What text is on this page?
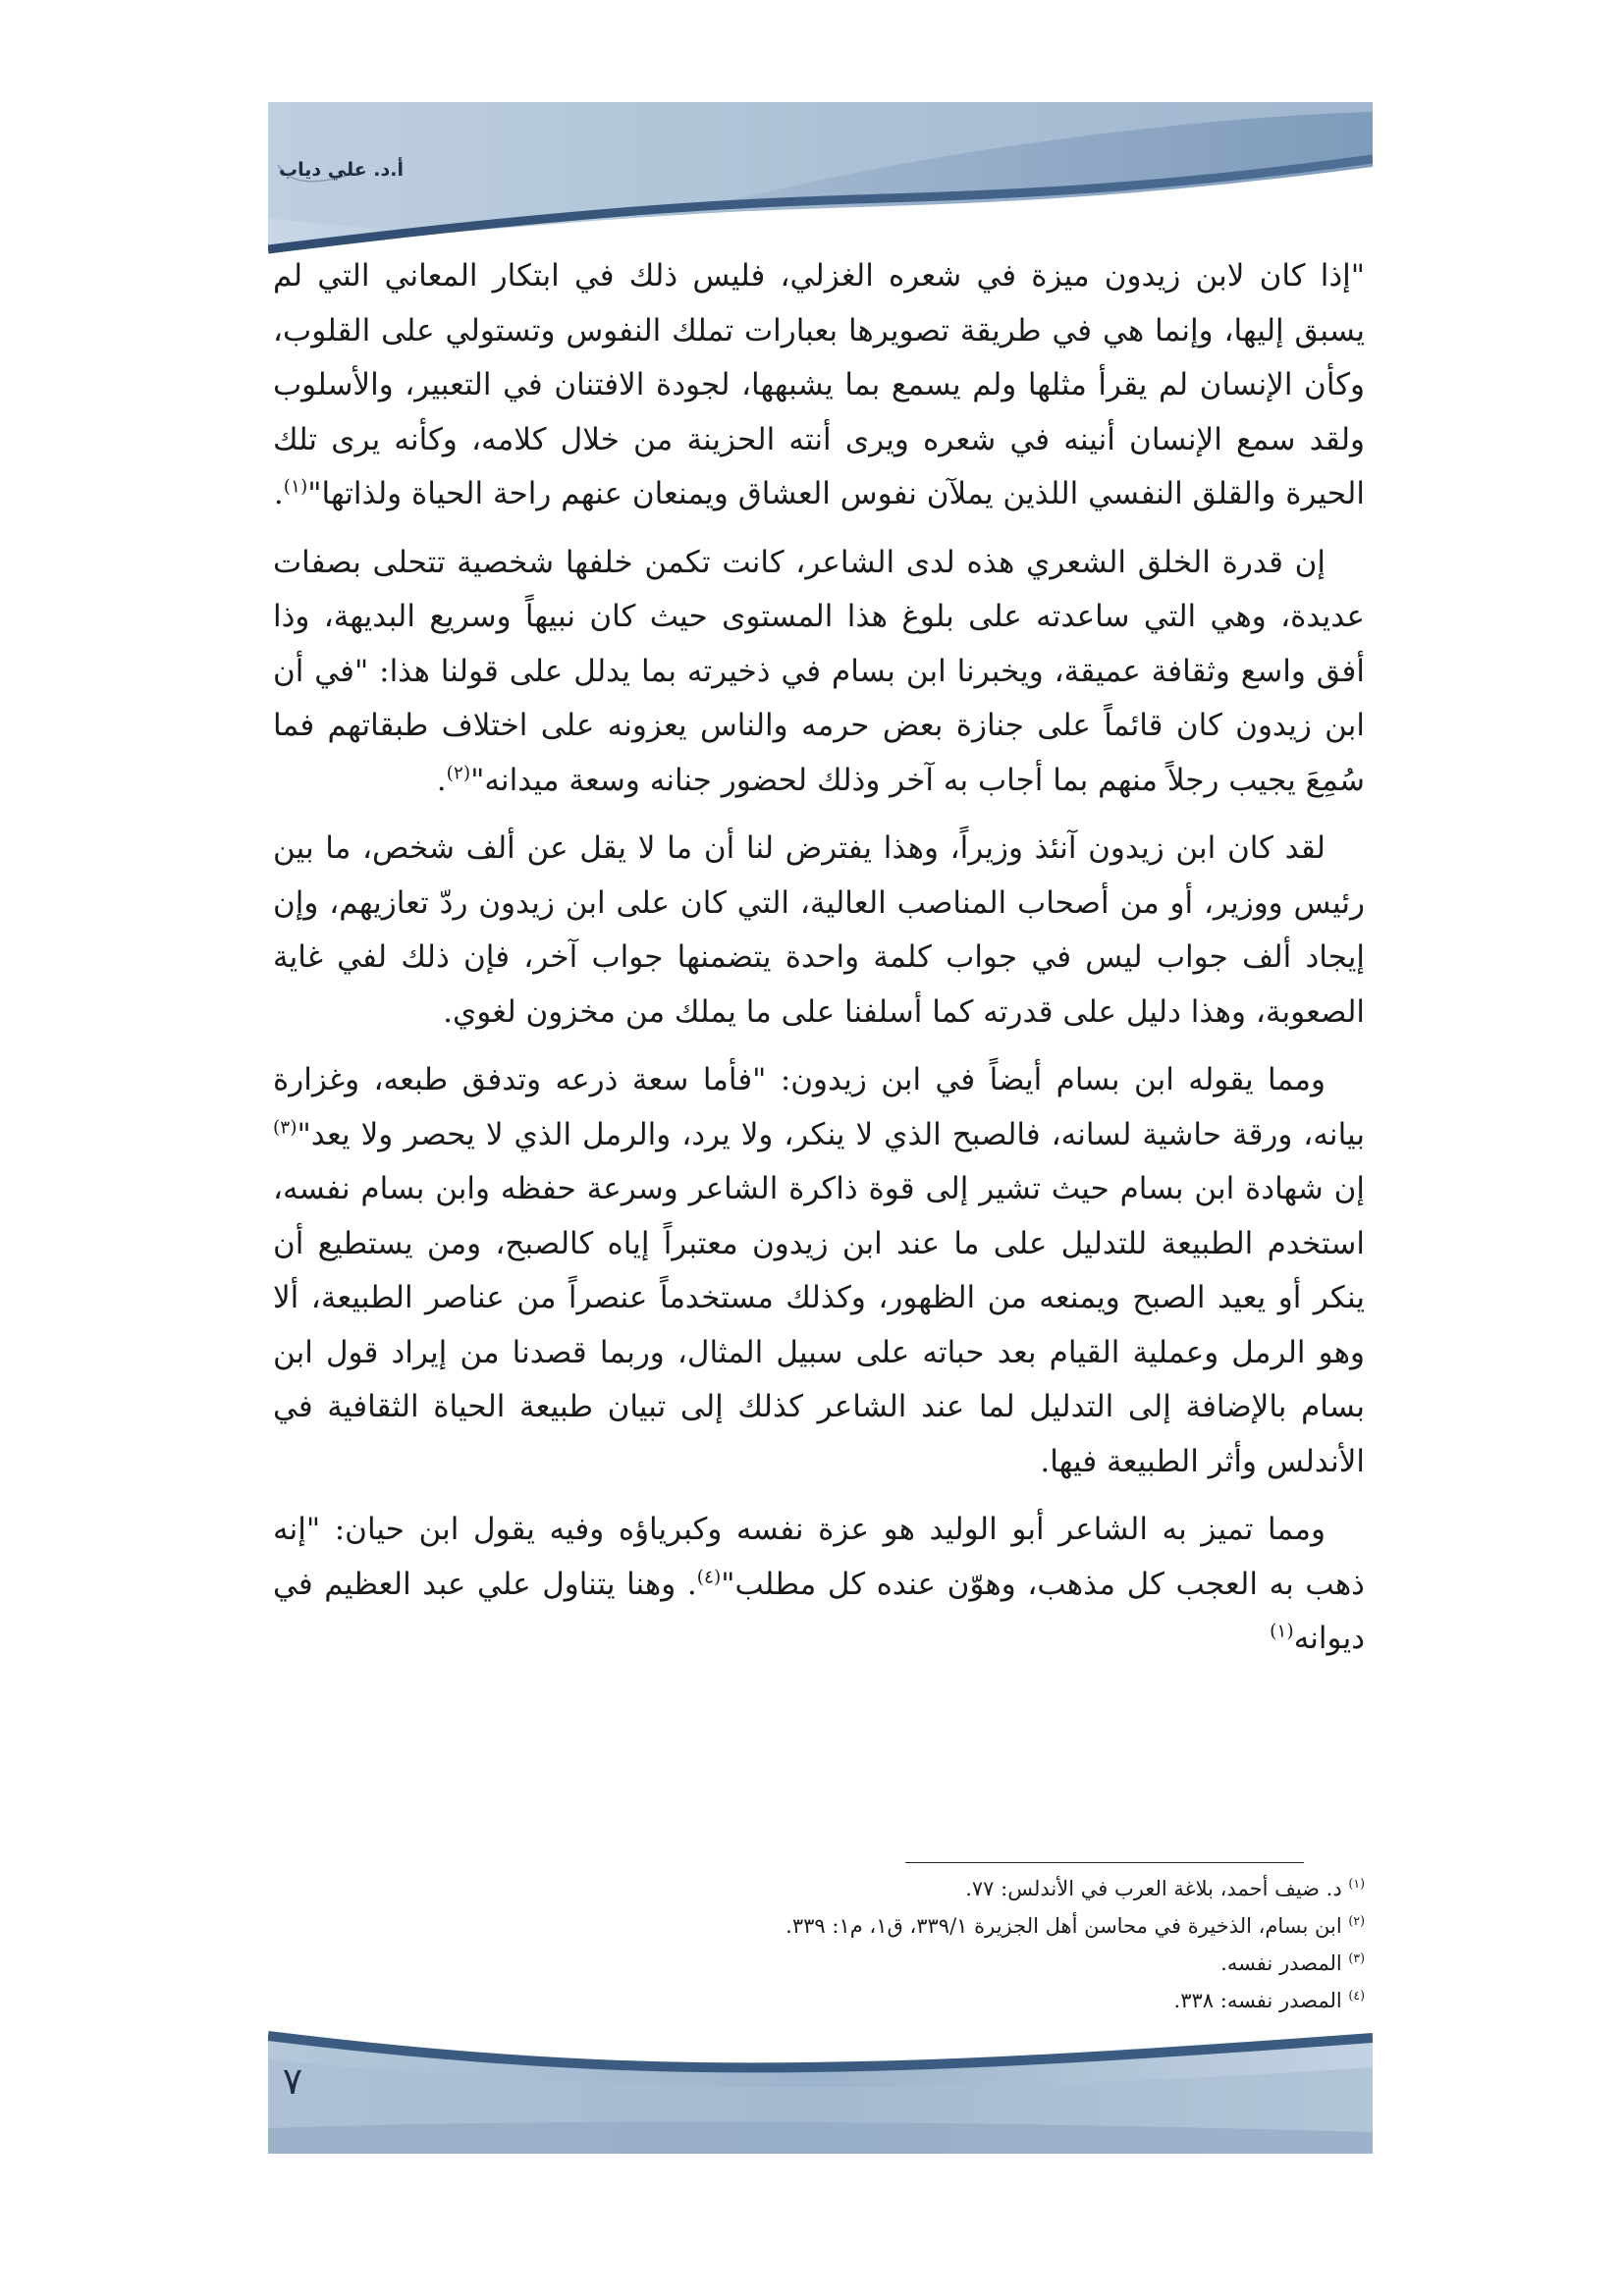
أ.د. علي دياب

"إذا كان لابن زيدون ميزة في شعره الغزلي، فليس ذلك في ابتكار المعاني التي لم يسبق إليها، وإنما هي في طريقة تصويرها بعبارات تملك النفوس وتستولي على القلوب، وكأن الإنسان لم يقرأ مثلها ولم يسمع بما يشبهها، لجودة الافتنان في التعبير، والأسلوب ولقد سمع الإنسان أنينه في شعره ويرى أنته الحزينة من خلال كلامه، وكأنه يرى تلك الحيرة والقلق النفسي اللذين يملآن نفوس العشاق ويمنعان عنهم راحة الحياة ولذاتها"$^{(١)}$.

إن قدرة الخلق الشعري هذه لدى الشاعر، كانت تكمن خلفها شخصية تتحلى بصفات عديدة، وهي التي ساعدته على بلوغ هذا المستوى حيث كان نبيهاً وسريع البديهة، وذا أفق واسع وثقافة عميقة، ويخبرنا ابن بسام في ذخيرته بما يدلل على قولنا هذا: "في أن ابن زيدون كان قائماً على جنازة بعض حرمه والناس يعزونه على اختلاف طبقاتهم فما سُمِعَ يجيب رجلاً منهم بما أجاب به آخر وذلك لحضور جنانه وسعة ميدانه"$^{(٢)}$.

لقد كان ابن زيدون آنئذ وزيراً، وهذا يفترض لنا أن ما لا يقل عن ألف شخص، ما بين رئيس ووزير، أو من أصحاب المناصب العالية، التي كان على ابن زيدون ردّ تعازيهم، وإن إيجاد ألف جواب ليس في جواب كلمة واحدة يتضمنها جواب آخر، فإن ذلك لفي غاية الصعوبة، وهذا دليل على قدرته كما أسلفنا على ما يملك من مخزون لغوي.

ومما يقوله ابن بسام أيضاً في ابن زيدون: "فأما سعة ذرعه وتدفق طبعه، وغزارة بيانه، ورقة حاشية لسانه، فالصبح الذي لا ينكر، ولا يرد، والرمل الذي لا يحصر ولا يعد"$^{(٣)}$ إن شهادة ابن بسام حيث تشير إلى قوة ذاكرة الشاعر وسرعة حفظه وابن بسام نفسه، استخدم الطبيعة للتدليل على ما عند ابن زيدون معتبراً إياه كالصبح، ومن يستطيع أن ينكر أو يعيد الصبح ويمنعه من الظهور، وكذلك مستخدماً عنصراً من عناصر الطبيعة، ألا وهو الرمل وعملية القيام بعد حباته على سبيل المثال، وربما قصدنا من إيراد قول ابن بسام بالإضافة إلى التدليل لما عند الشاعر كذلك إلى تبيان طبيعة الحياة الثقافية في الأندلس وأثر الطبيعة فيها.

ومما تميز به الشاعر أبو الوليد هو عزة نفسه وكبرياؤه وفيه يقول ابن حيان: "إنه ذهب به العجب كل مذهب، وهوّن عنده كل مطلب"$^{(٤)}$. وهنا يتناول علي عبد العظيم في ديوانه$^{(١)}$

$^{(١)}$ د. ضيف أحمد، بلاغة العرب في الأندلس: ٧٧.

$^{(٢)}$ ابن بسام، الذخيرة في محاسن أهل الجزيرة ٣٣٩/١، ق١، م١: ٣٣٩.

$^{(٣)}$ المصدر نفسه.

$^{(٤)}$ المصدر نفسه: ٣٣٨.

٧
